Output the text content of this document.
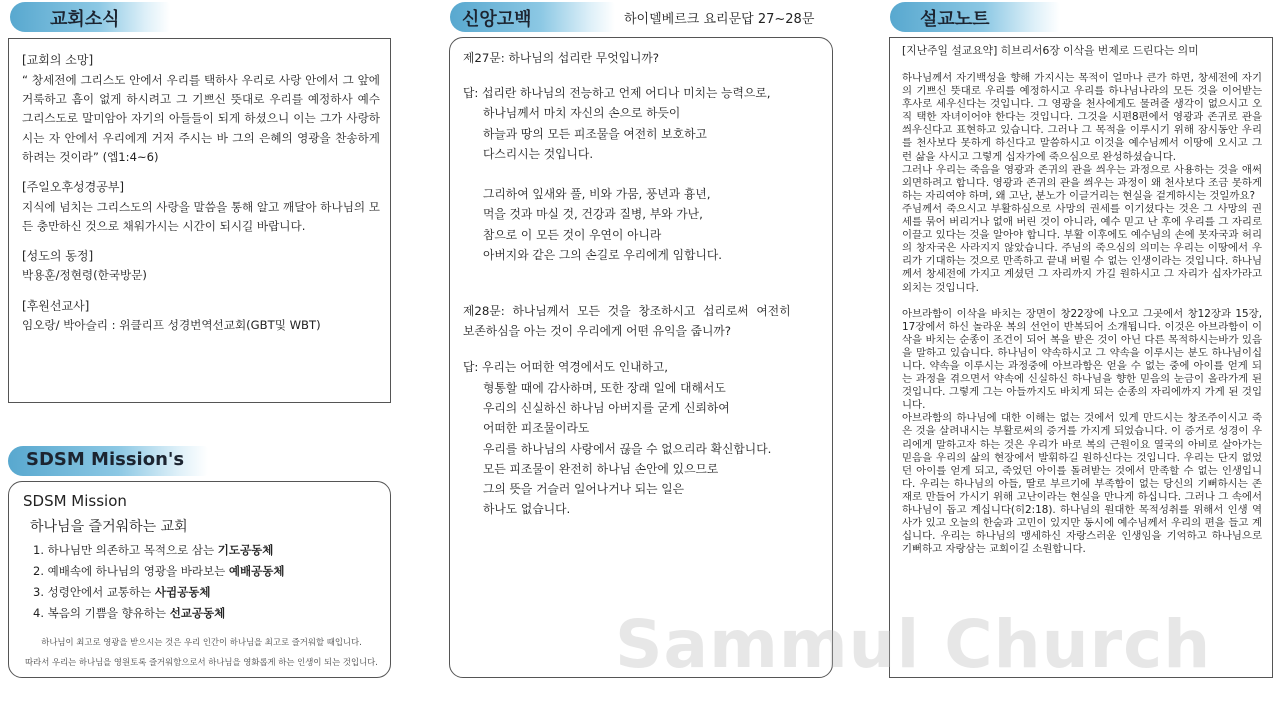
교회소식	신앙고백	하이델베르크 요리문답 27~28문	설교노트
SDSM Mission's
[교회의 소망]
“ 창세전에 그리스도 안에서 우리를 택하사 우리로 사랑 안에서 그 앞에 거룩하고 흠이 없게 하시려고 그 기쁘신 뜻대로 우리를 예정하사 예수 그리스도로 말미암아 자기의 아들들이 되게 하셨으니 이는 그가 사랑하시는 자 안에서 우리에게 거저 주시는 바 그의 은혜의 영광을 찬송하게 하려는 것이라” (엡1:4~6)
[주일오후성경공부]
지식에 넘치는 그리스도의 사랑을 말씀을 통해 알고 깨달아 하나님의 모든 충만하신 것으로 채워가시는 시간이 되시길 바랍니다.
[성도의 동정]
박용훈/정현령(한국방문)
[후원선교사]
임오랑/ 박아슬리 : 위클리프 성경번역선교회(GBT및 WBT)
SDSM Mission
하나님을 즐거워하는 교회
1. 하나님만 의존하고 목적으로 삼는 기도공동체
2. 예배속에 하나님의 영광을 바라보는 예배공동체
3. 성령안에서 교통하는 사귐공동체
4. 복음의 기쁨을 향유하는 선교공동체
하나님이 최고로 영광을 받으시는 것은 우리 인간이 하나님을 최고로 즐거워할 때입니다.
따라서 우리는 하나님을 영원토록 즐거워함으로서 하나님을 영화롭게 하는 인생이 되는 것입니다.
제27문: 하나님의 섭리란 무엇입니까?
답: 섭리란 하나님의 전능하고 언제 어디나 미치는 능력으로,
하나님께서 마치 자신의 손으로 하듯이
하늘과 땅의 모든 피조물을 여전히 보호하고
다스리시는 것입니다.
그리하여 잎새와 풀, 비와 가뭄, 풍년과 흉년,
먹을 것과 마실 것, 건강과 질병, 부와 가난,
참으로 이 모든 것이 우연이 아니라
아버지와 같은 그의 손길로 우리에게 임합니다.
제28문: 하나님께서 모든 것을 창조하시고 섭리로써 여전히
보존하심을 아는 것이 우리에게 어떤 유익을 줍니까?
답: 우리는 어떠한 역경에서도 인내하고,
형통할 때에 감사하며, 또한 장래 일에 대해서도
우리의 신실하신 하나님 아버지를 굳게 신뢰하여
어떠한 피조물이라도
우리를 하나님의 사랑에서 끊을 수 없으리라 확신합니다.
모든 피조물이 완전히 하나님 손안에 있으므로
그의 뜻을 거슬러 일어나거나 되는 일은
하나도 없습니다.
[지난주일 설교요약] 히브리서6장 이삭을 번제로 드린다는 의미
하나님께서 자기백성을 향해 가지시는 목적이 얼마나 큰가 하면, 창세전에 자기의 기쁘신 뜻대로 우리를 예정하시고 우리를 하나님나라의 모든 것을 이어받는 후사로 세우신다는 것입니다. 그 영광을 천사에게도 물려줄 생각이 없으시고 오직 택한 자녀이어야 한다는 것입니다. 그것을 시편8편에서 영광과 존귀로 관을 씌우신다고 표현하고 있습니다. 그러나 그 목적을 이루시기 위해 잠시동안 우리를 천사보다 못하게 하신다고 말씀하시고 이것을 예수님께서 이땅에 오시고 그런 삶을 사시고 그렇게 십자가에 죽으심으로 완성하셨습니다.
그러나 우리는 죽음을 영광과 존귀의 관을 씌우는 과정으로 사용하는 것을 애써 외면하려고 합니다. 영광과 존귀의 관을 씌우는 과정이 왜 천사보다 조금 못하게 하는 자리여야 하며, 왜 고난, 분노가 이글거리는 현실을 겉게하시는 것일까요?
주님께서 죽으시고 부활하심으로 사망의 권세를 이기셨다는 것은 그 사망의 권세를 묶어 버리거나 없애 버린 것이 아니라, 예수 믿고 난 후에 우리를 그 자리로 이끌고 있다는 것을 알아야 합니다. 부활 이후에도 예수님의 손에 못자국과 허리의 창자국은 사라지지 않았습니다. 주님의 죽으심의 의미는 우리는 이땅에서 우리가 기대하는 것으로 만족하고 끝내 버릴 수 없는 인생이라는 것입니다. 하나님께서 창세전에 가지고 계셨던 그 자리까지 가길 원하시고 그 자리가 십자가라고 외치는 것입니다.
아브라함이 이삭을 바치는 장면이 창22장에 나오고 그곳에서 창12장과 15장, 17장에서 하신 놀라운 복의 선언이 반복되어 소개됩니다. 이것은 아브라함이 이삭을 바치는 순종이 조건이 되어 복을 받은 것이 아닌 다른 목적하시는바가 있음을 말하고 있습니다. 하나님이 약속하시고 그 약속을 이루시는 분도 하나님이십니다. 약속을 이루시는 과정중에 아브라함은 얻을 수 없는 중에 아이를 얻게 되는 과정을 겪으면서 약속에 신실하신 하나님을 향한 믿음의 눈금이 올라가게 된 것입니다. 그렇게 그는 아들까지도 바치게 되는 순종의 자리에까지 가게 된 것입니다.
아브라함의 하나님에 대한 이해는 없는 것에서 있게 만드시는 창조주이시고 죽은 것을 살려내시는 부활로써의 증거를 가지게 되었습니다. 이 증거로 성경이 우리에게 말하고자 하는 것은 우리가 바로 복의 근원이요 열국의 아비로 살아가는 믿음을 우리의 삶의 현장에서 발휘하길 원하신다는 것입니다. 우리는 단지 없었던 아이를 얻게 되고, 죽었던 아이를 돌려받는 것에서 만족할 수 없는 인생입니다. 우리는 하나님의 아들, 딸로 부르기에 부족함이 없는 당신의 기뻐하시는 존재로 만들어 가시기 위해 고난이라는 현실을 만나게 하십니다. 그러나 그 속에서 하나님이 돕고 계십니다(히2:18). 하나님의 원대한 목적성취를 위해서 인생 역사가 있고 오늘의 한숨과 고민이 있지만 동시에 예수님께서 우리의 편을 들고 계십니다. 우리는 하나님의 맹세하신 자랑스러운 인생임을 기억하고 하나님으로 기뻐하고 자랑삼는 교회이길 소원합니다.
Sammul Church
